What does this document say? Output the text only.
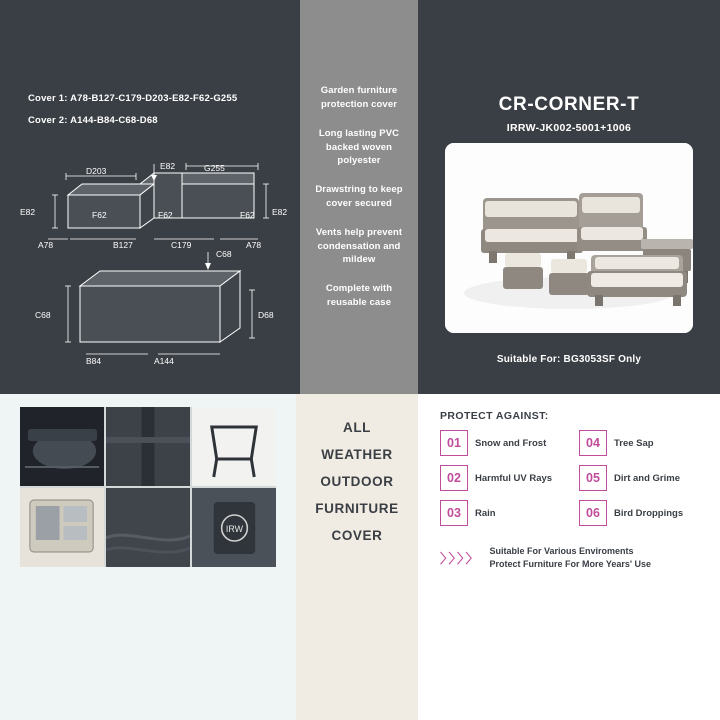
Cover 1: A78-B127-C179-D203-E82-F62-G255
Cover 2: A144-B84-C68-D68
D203	E82	G255
E82	E82
F62	F62	F62
A78	B127	C179	A78
C68
C68	D68
B84	A144
Garden furniture protection cover
Long lasting PVC backed woven polyester
Drawstring to keep cover secured
Vents help prevent condensation and mildew
Complete with reusable case
CR-CORNER-T
IRRW-JK002-5001+1006
Suitable For: BG3053SF Only
IRW
ALL
WEATHER
OUTDOOR
FURNITURE
COVER
PROTECT AGAINST:
01	Snow and Frost	04	Tree Sap
02	Harmful UV Rays	05	Dirt and Grime
03	Rain	06	Bird Droppings
〉〉〉〉 Suitable For Various Enviroments
Protect Furniture For More Years' Use
